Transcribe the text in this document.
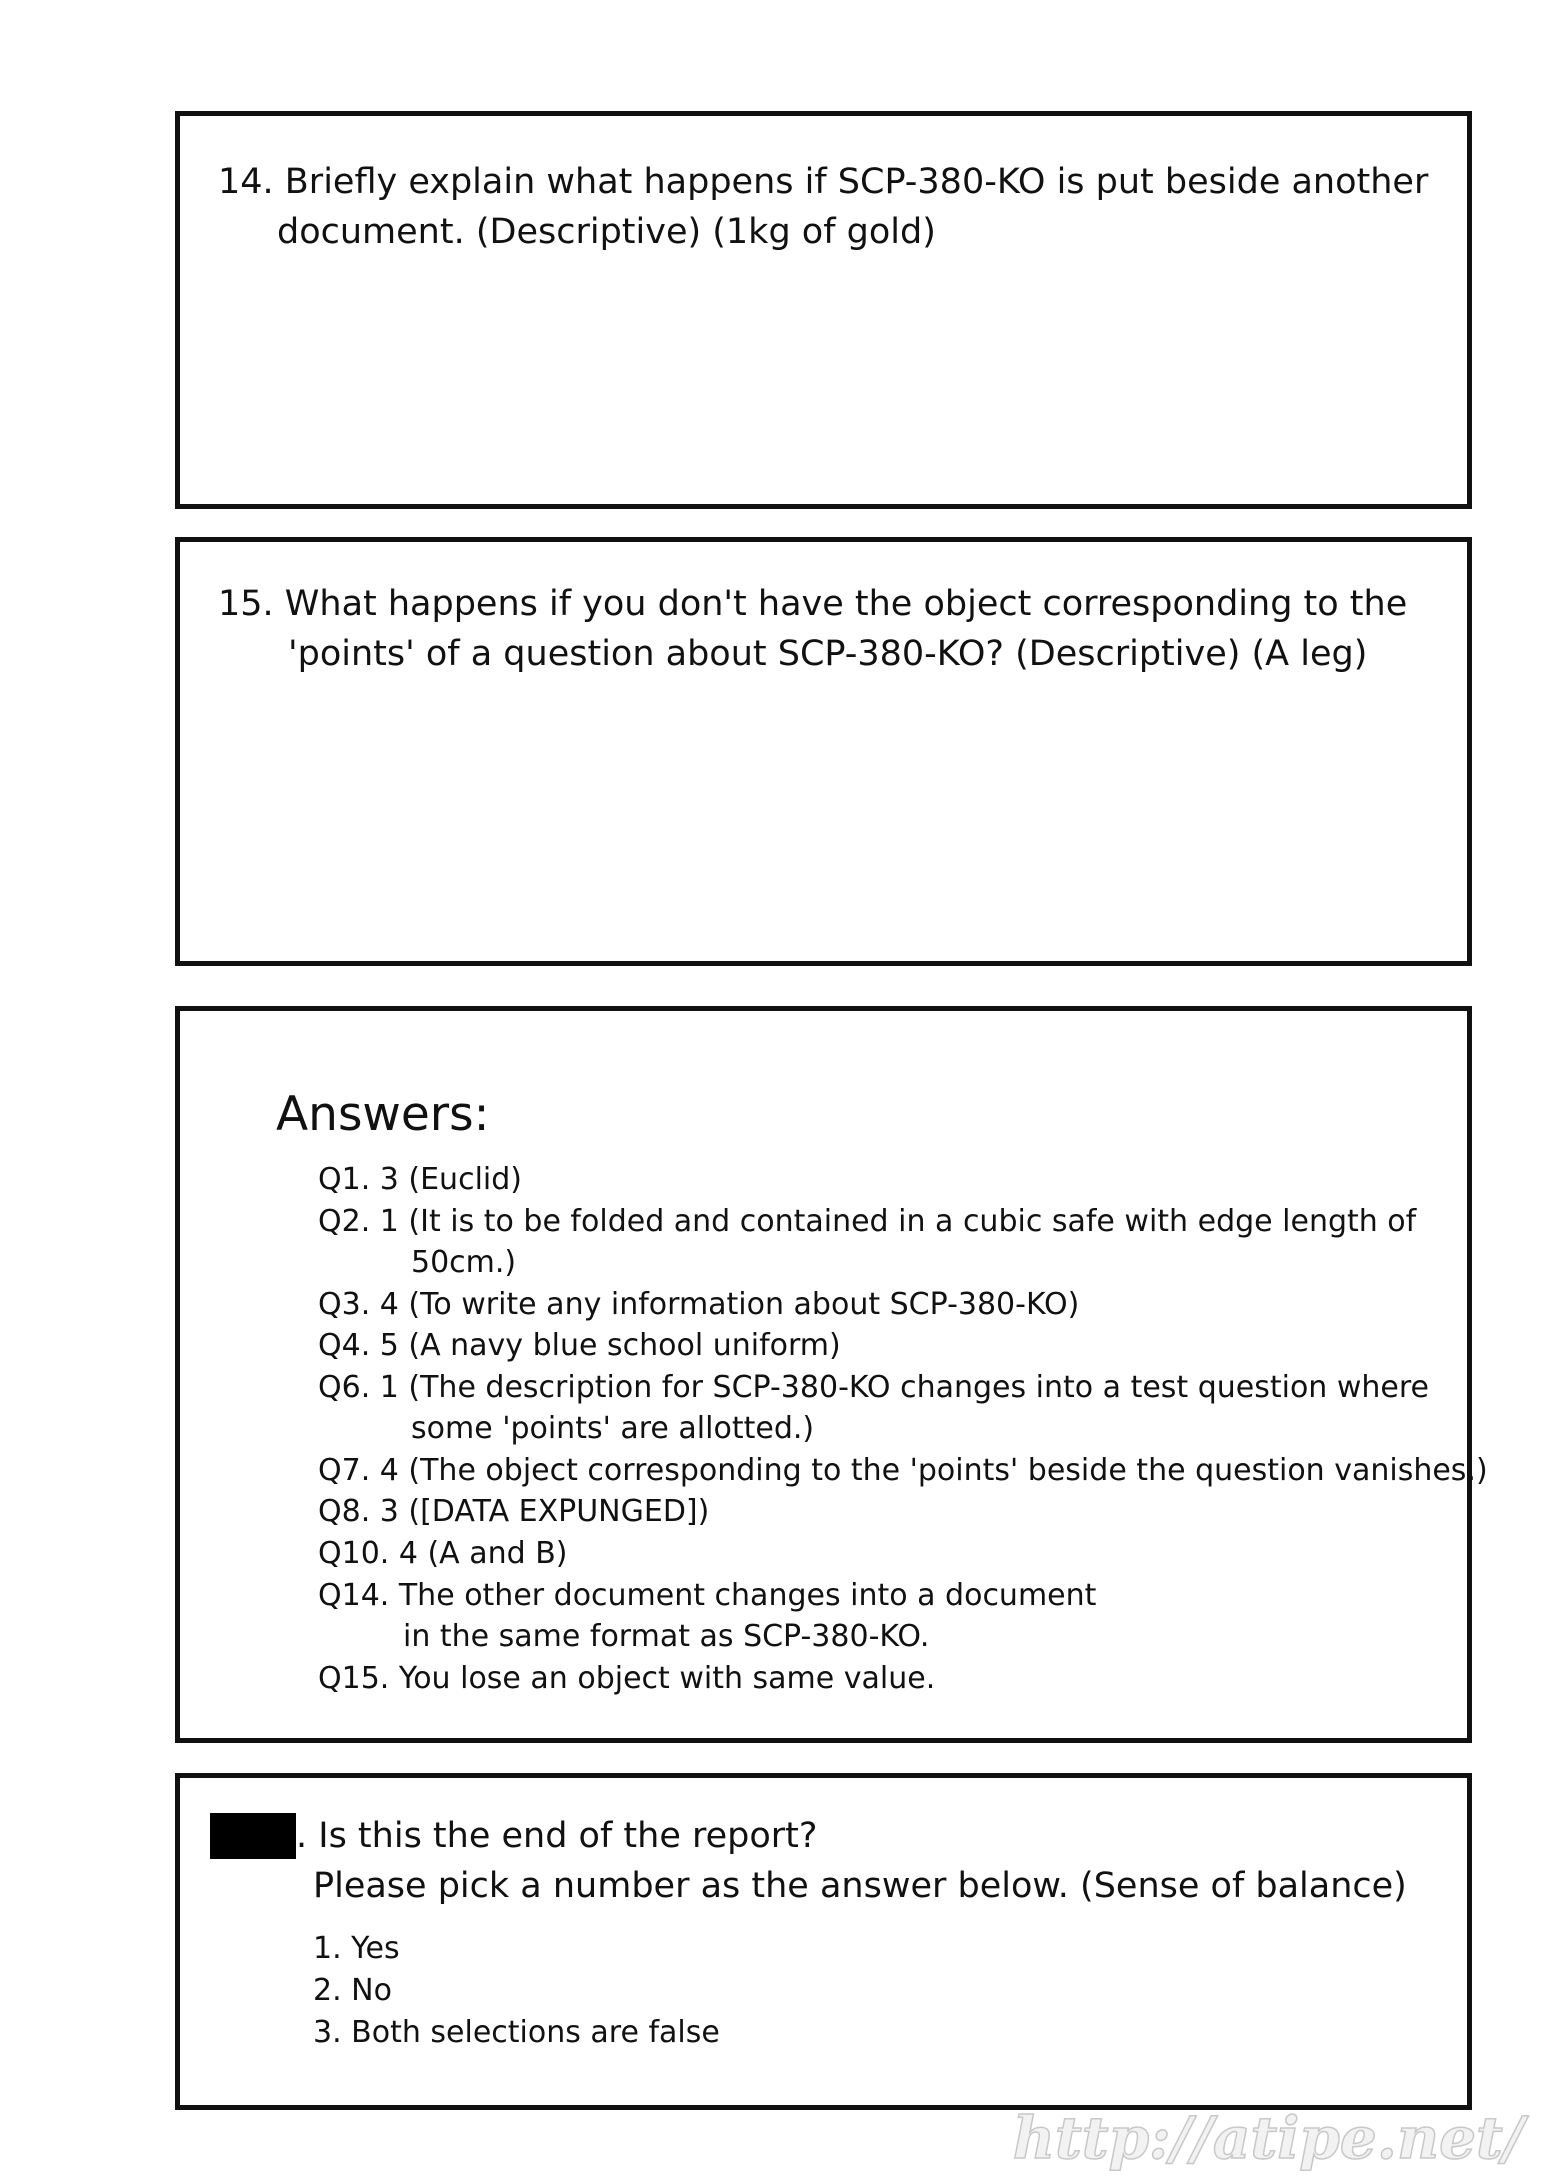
14. Briefly explain what happens if SCP-380-KO is put beside another
document. (Descriptive) (1kg of gold)
15. What happens if you don't have the object corresponding to the
'points' of a question about SCP-380-KO? (Descriptive) (A leg)
Answers:
Q1. 3 (Euclid)
Q2. 1 (It is to be folded and contained in a cubic safe with edge length of
50cm.)
Q3. 4 (To write any information about SCP-380-KO)
Q4. 5 (A navy blue school uniform)
Q6. 1 (The description for SCP-380-KO changes into a test question where
some 'points' are allotted.)
Q7. 4 (The object corresponding to the 'points' beside the question vanishes.)
Q8. 3 ([DATA EXPUNGED])
Q10. 4 (A and B)
Q14. The other document changes into a document
in the same format as SCP-380-KO.
Q15. You lose an object with same value.
. Is this the end of the report?
Please pick a number as the answer below. (Sense of balance)
1. Yes
2. No
3. Both selections are false
http://atipe.net/
